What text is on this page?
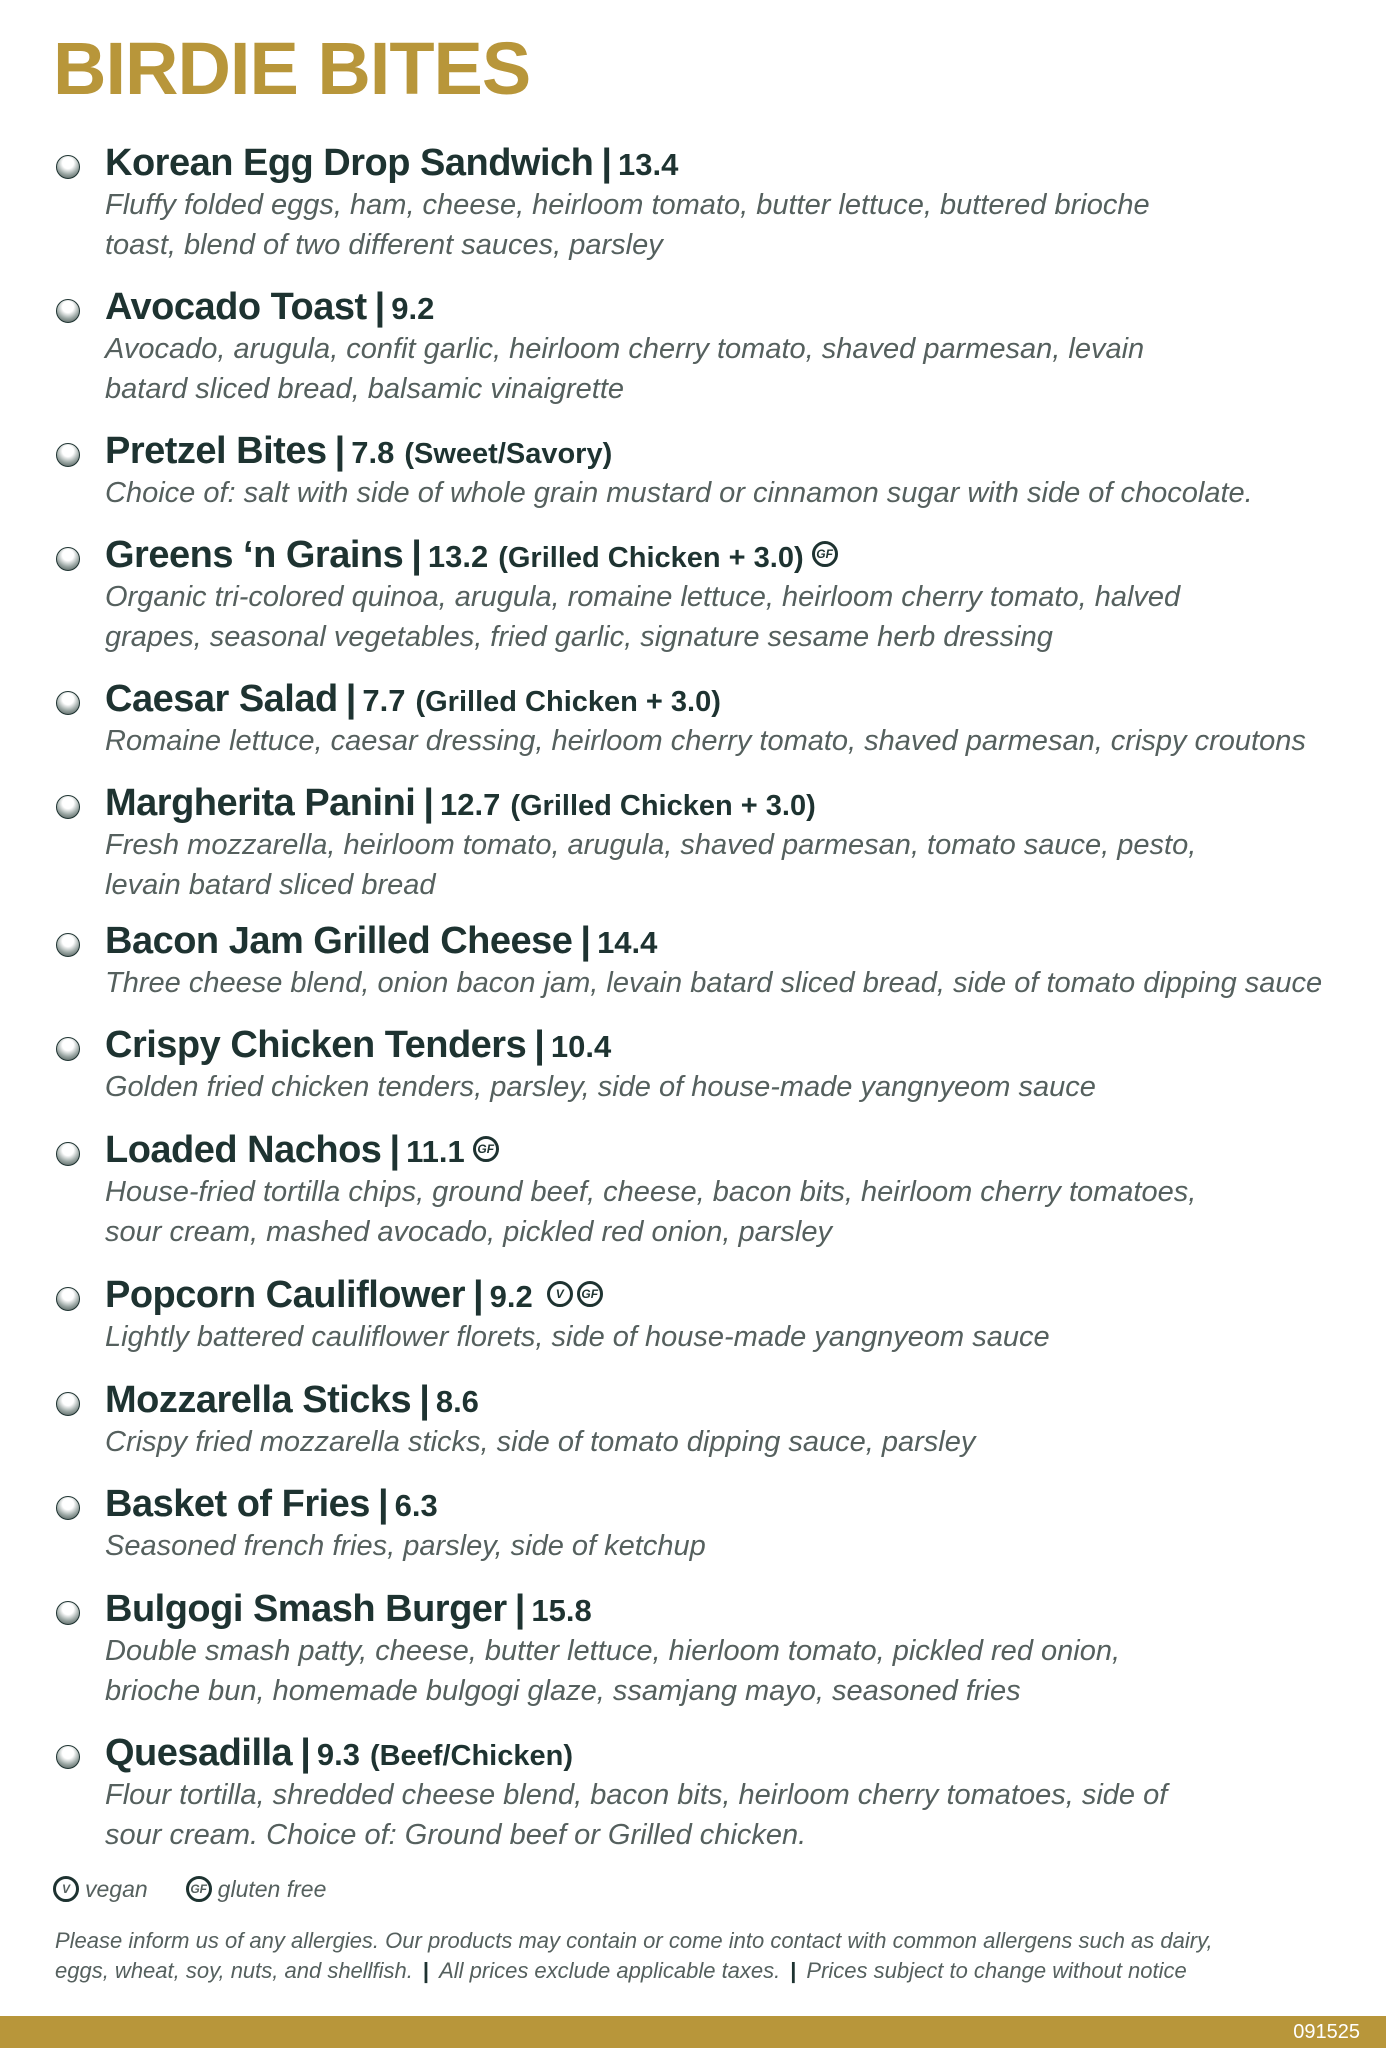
BIRDIE BITES
Korean Egg Drop Sandwich | 13.4
Fluffy folded eggs, ham, cheese, heirloom tomato, butter lettuce, buttered brioche
toast, blend of two different sauces, parsley
Avocado Toast | 9.2
Avocado, arugula, confit garlic, heirloom cherry tomato, shaved parmesan, levain
batard sliced bread, balsamic vinaigrette
Pretzel Bites | 7.8 (Sweet/Savory)
Choice of: salt with side of whole grain mustard or cinnamon sugar with side of chocolate.
Greens ‘n Grains | 13.2 (Grilled Chicken + 3.0) GF
Organic tri-colored quinoa, arugula, romaine lettuce, heirloom cherry tomato, halved
grapes, seasonal vegetables, fried garlic, signature sesame herb dressing
Caesar Salad | 7.7 (Grilled Chicken + 3.0)
Romaine lettuce, caesar dressing, heirloom cherry tomato, shaved parmesan, crispy croutons
Margherita Panini | 12.7 (Grilled Chicken + 3.0)
Fresh mozzarella, heirloom tomato, arugula, shaved parmesan, tomato sauce, pesto,
levain batard sliced bread
Bacon Jam Grilled Cheese | 14.4
Three cheese blend, onion bacon jam, levain batard sliced bread, side of tomato dipping sauce
Crispy Chicken Tenders | 10.4
Golden fried chicken tenders, parsley, side of house-made yangnyeom sauce
Loaded Nachos | 11.1 GF
House-fried tortilla chips, ground beef, cheese, bacon bits, heirloom cherry tomatoes,
sour cream, mashed avocado, pickled red onion, parsley
Popcorn Cauliflower | 9.2 V GF
Lightly battered cauliflower florets, side of house-made yangnyeom sauce
Mozzarella Sticks | 8.6
Crispy fried mozzarella sticks, side of tomato dipping sauce, parsley
Basket of Fries | 6.3
Seasoned french fries, parsley, side of ketchup
Bulgogi Smash Burger | 15.8
Double smash patty, cheese, butter lettuce, hierloom tomato, pickled red onion,
brioche bun, homemade bulgogi glaze, ssamjang mayo, seasoned fries
Quesadilla | 9.3 (Beef/Chicken)
Flour tortilla, shredded cheese blend, bacon bits, heirloom cherry tomatoes, side of
sour cream. Choice of: Ground beef or Grilled chicken.
V vegan	GF gluten free
Please inform us of any allergies. Our products may contain or come into contact with common allergens such as dairy,
eggs, wheat, soy, nuts, and shellfish. | All prices exclude applicable taxes. | Prices subject to change without notice
091525
